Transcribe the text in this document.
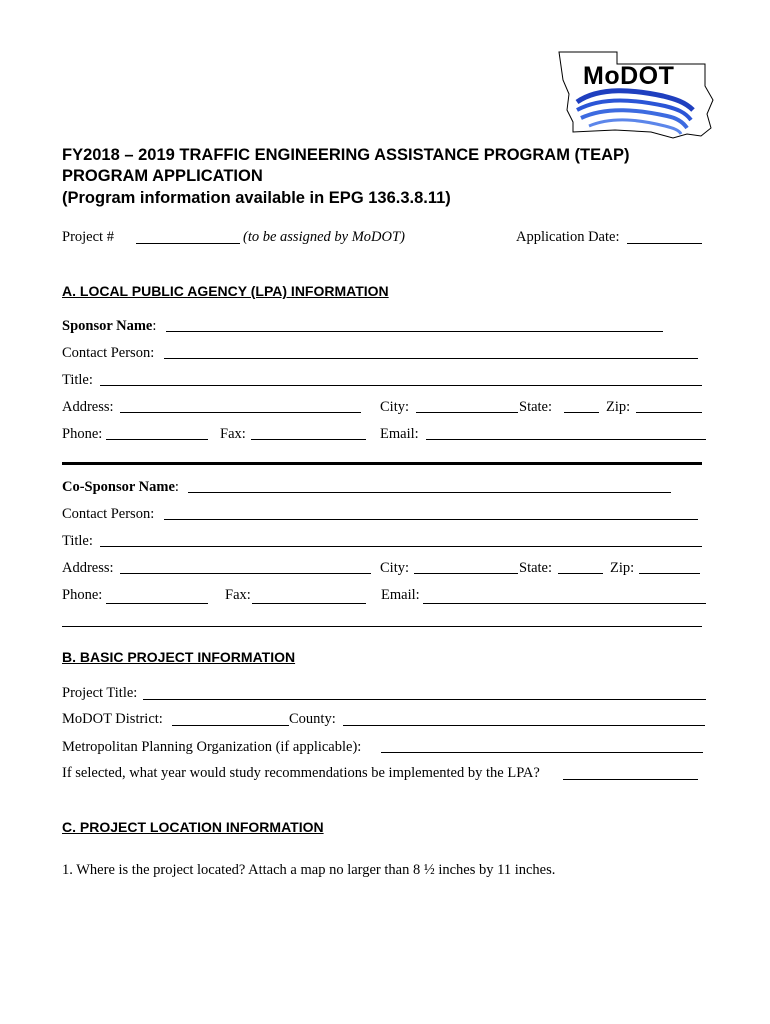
MoDOT
FY2018 – 2019 TRAFFIC ENGINEERING ASSISTANCE PROGRAM (TEAP)
PROGRAM APPLICATION
(Program information available in EPG 136.3.8.11)
Project #	(to be assigned by MoDOT)	Application Date:
A. LOCAL PUBLIC AGENCY (LPA) INFORMATION
Sponsor Name:
Contact Person:
Title:
Address:	City:	State:	Zip:
Phone:	Fax:	Email:
Co-Sponsor Name:
Contact Person:
Title:
Address:	City:	State:	Zip:
Phone:	Fax:	Email:
B. BASIC PROJECT INFORMATION
Project Title:
MoDOT District:	County:
Metropolitan Planning Organization (if applicable):
If selected, what year would study recommendations be implemented by the LPA?
C. PROJECT LOCATION INFORMATION
1. Where is the project located? Attach a map no larger than 8 ½ inches by 11 inches.
